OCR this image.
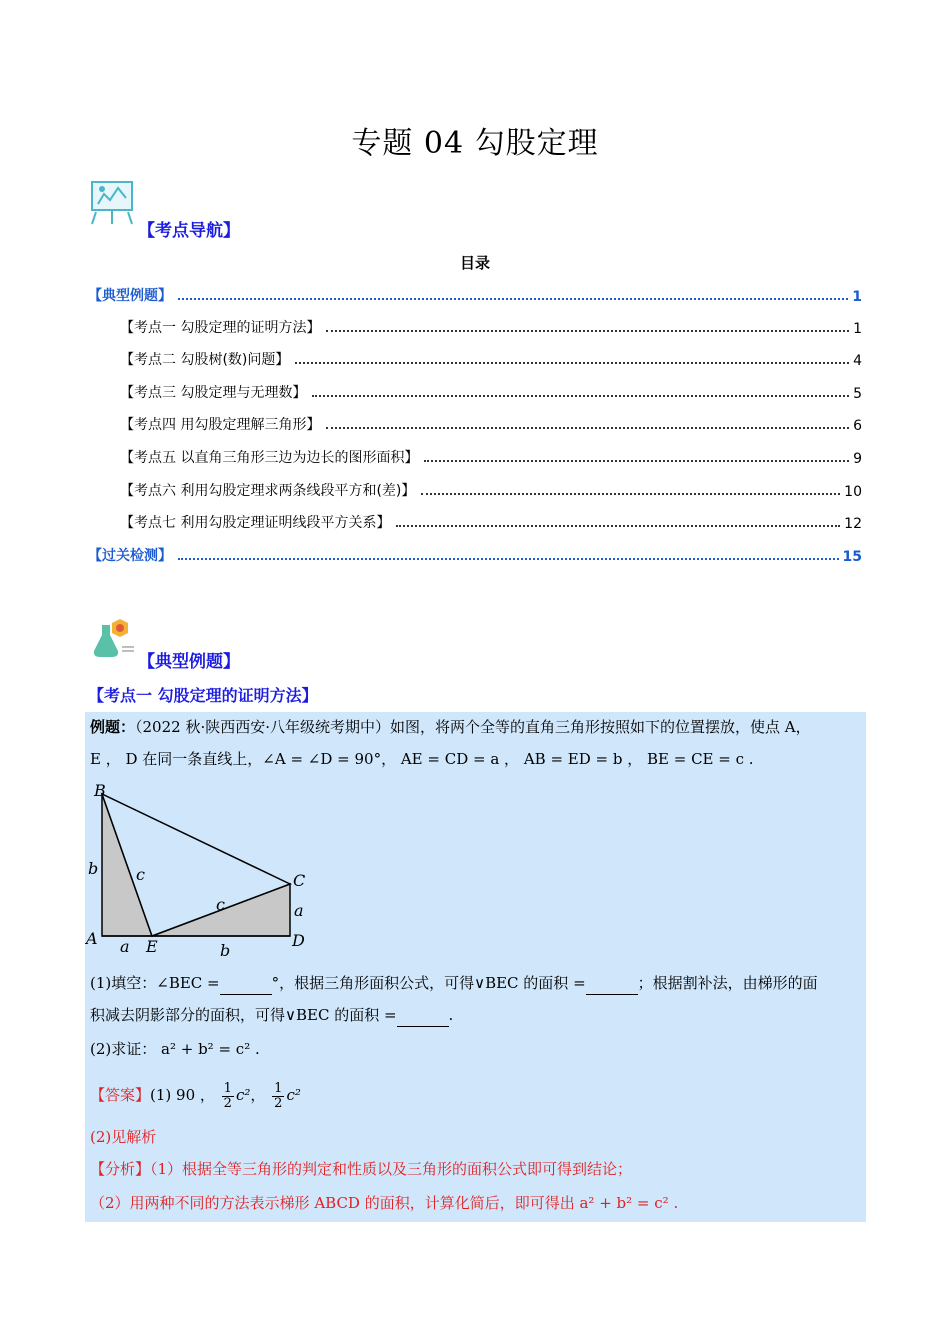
专题 04 勾股定理
【考点导航】
目录
【典型例题】	1
【考点一 勾股定理的证明方法】	1
【考点二 勾股树(数)问题】	4
【考点三 勾股定理与无理数】	5
【考点四 用勾股定理解三角形】	6
【考点五 以直角三角形三边为边长的图形面积】	9
【考点六 利用勾股定理求两条线段平方和(差)】	10
【考点七 利用勾股定理证明线段平方关系】	12
【过关检测】	15
【典型例题】
【考点一 勾股定理的证明方法】
例题：（2022 秋·陕西西安·八年级统考期中）如图，将两个全等的直角三角形按照如下的位置摆放，使点 A，
E ， D 在同一条直线上，∠A = ∠D = 90°， AE = CD = a ， AB = ED = b ， BE = CE = c .
B
A	E
C
D
b c
c	a
a	b
(1)填空：∠BEC =	°，根据三角形面积公式，可得∨BEC 的面积 =	；根据割补法，由梯形的面
积减去阴影部分的面积，可得∨BEC 的面积 =	.
(2)求证： a² + b² = c² .
【答案】(1) 90 ， $\frac{1}{2} c^2$， $\frac{1}{2} c^2$
(2)见解析
【分析】（1）根据全等三角形的判定和性质以及三角形的面积公式即可得到结论；
（2）用两种不同的方法表示梯形 ABCD 的面积，计算化简后，即可得出 a² + b² = c² .
